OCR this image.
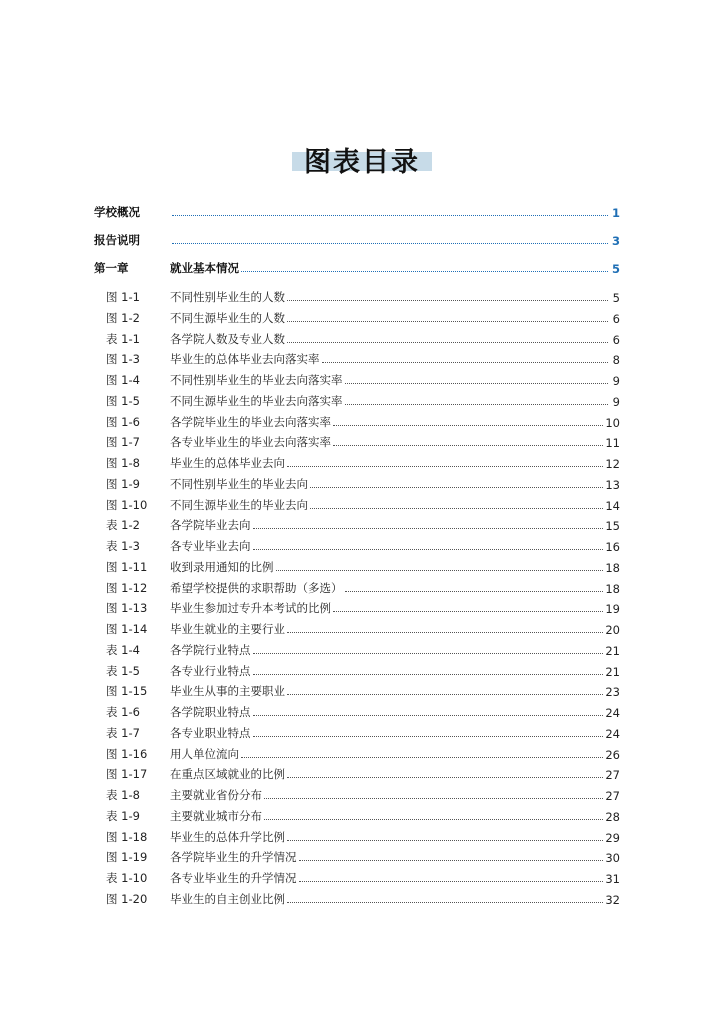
图表目录
学校概况	1
报告说明	3
第一章	就业基本情况	5
图 1-1	不同性别毕业生的人数	5
图 1-2	不同生源毕业生的人数	6
表 1-1	各学院人数及专业人数	6
图 1-3	毕业生的总体毕业去向落实率	8
图 1-4	不同性别毕业生的毕业去向落实率	9
图 1-5	不同生源毕业生的毕业去向落实率	9
图 1-6	各学院毕业生的毕业去向落实率	10
图 1-7	各专业毕业生的毕业去向落实率	11
图 1-8	毕业生的总体毕业去向	12
图 1-9	不同性别毕业生的毕业去向	13
图 1-10	不同生源毕业生的毕业去向	14
表 1-2	各学院毕业去向	15
表 1-3	各专业毕业去向	16
图 1-11	收到录用通知的比例	18
图 1-12	希望学校提供的求职帮助（多选）	18
图 1-13	毕业生参加过专升本考试的比例	19
图 1-14	毕业生就业的主要行业	20
表 1-4	各学院行业特点	21
表 1-5	各专业行业特点	21
图 1-15	毕业生从事的主要职业	23
表 1-6	各学院职业特点	24
表 1-7	各专业职业特点	24
图 1-16	用人单位流向	26
图 1-17	在重点区域就业的比例	27
表 1-8	主要就业省份分布	27
表 1-9	主要就业城市分布	28
图 1-18	毕业生的总体升学比例	29
图 1-19	各学院毕业生的升学情况	30
表 1-10	各专业毕业生的升学情况	31
图 1-20	毕业生的自主创业比例	32
